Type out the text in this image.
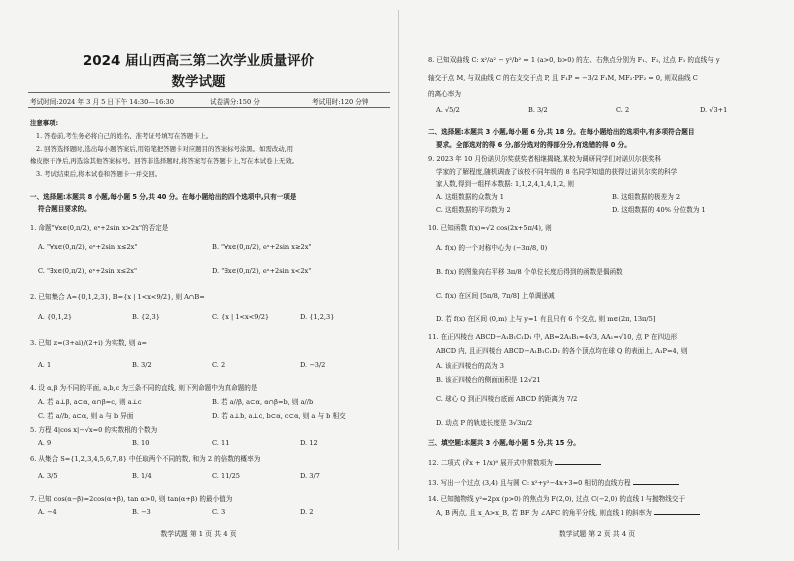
2024 届山西高三第二次学业质量评价
数学试题
考试时间:2024 年 3 月 5 日下午 14:30—16:30	试卷满分:150 分	考试用时:120 分钟
注意事项:
1. 答卷前,考生务必将自己的姓名、准考证号填写在答题卡上。
2. 回答选择题时,选出每小题答案后,用铅笔把答题卡对应题目的答案标号涂黑。如需改动,用
橡皮擦干净后,再选涂其他答案标号。回答非选择题时,将答案写在答题卡上,写在本试卷上无效。
3. 考试结束后,将本试卷和答题卡一并交回。
一、选择题:本题共 8 小题,每小题 5 分,共 40 分。在每小题给出的四个选项中,只有一项是
符合题目要求的。
1. 命题"∀x∈(0,π/2), eˣ+2sin x>2x"的否定是
A. "∀x∈(0,π/2), eˣ+2sin x≤2x"	B. "∀x∈(0,π/2), eˣ+2sin x≥2x"
C. "∃x∈(0,π/2), eˣ+2sin x≤2x"	D. "∃x∈(0,π/2), eˣ+2sin x<2x"
2. 已知集合 A={0,1,2,3}, B={x | 1<x<9/2}, 则 A∩B=
A. {0,1,2}	B. {2,3}	C. {x | 1<x<9/2}	D. {1,2,3}
3. 已知 z=(3+ai)/(2+i) 为实数, 则 a=
A. 1	B. 3/2	C. 2	D. −3/2
4. 设 α,β 为不同的平面, a,b,c 为三条不同的直线, 则下列命题中为真命题的是
A. 若 a⊥β, a⊂α, α∩β=c, 则 a⊥c	B. 若 a//β, a⊂α, α∩β=b, 则 a//b
C. 若 a//b, a⊂α, 则 a 与 b 异面	D. 若 a⊥b, a⊥c, b⊂α, c⊂α, 则 a 与 b 相交
5. 方程 4|cos x|−√x=0 的实数根的个数为
A. 9	B. 10	C. 11	D. 12
6. 从集合 S={1,2,3,4,5,6,7,8} 中任取两个不同的数, 和为 2 的倍数的概率为
A. 3/5	B. 1/4	C. 11/25	D. 3/7
7. 已知 cos(α−β)=2cos(α+β), tan α>0, 则 tan(α+β) 的最小值为
A. −4	B. −3	C. 3	D. 2
数学试题 第 1 页 共 4 页
8. 已知双曲线 C: x²/a² − y²/b² = 1 (a>0, b>0) 的左、右焦点分别为 F₁、F₂, 过点 F₁ 的直线与 y
轴交于点 M, 与双曲线 C 的右支交于点 P, 且 F₁P = −3/2 F₁M, MF₂·PF₂ = 0, 则双曲线 C
的离心率为
A. √5/2	B. 3/2	C. 2	D. √3+1
二、选择题:本题共 3 小题,每小题 6 分,共 18 分。在每小题给出的选项中,有多项符合题目
要求。全部选对的得 6 分,部分选对的得部分分,有选错的得 0 分。
9. 2023 年 10 月份诺贝尔奖获奖者相继揭晓,某校为调研同学们对诺贝尔获奖科
学家的了解程度,随机调查了该校不同年级的 8 名同学知道的获得过诺贝尔奖的科学
家人数,得到一组样本数据: 1,1,2,4,1,4,1,2, 则
A. 这组数据的众数为 1	B. 这组数据的极差为 2
C. 这组数据的平均数为 2	D. 这组数据的 40% 分位数为 1
10. 已知函数 f(x)=√2 cos(2x+5π/4), 则
A. f(x) 的一个对称中心为 (−3π/8, 0)
B. f(x) 的图象向右平移 3π/8 个单位长度后得到的函数是偶函数
C. f(x) 在区间 [5π/8, 7π/8] 上单调递减
D. 若 f(x) 在区间 (0,m) 上与 y=1 有且只有 6 个交点, 则 m∈(2π, 13π/5]
11. 在正四棱台 ABCD−A₁B₁C₁D₁ 中, AB=2A₁B₁=4√3, AA₁=√10, 点 P 在四边形
ABCD 内, 且正四棱台 ABCD−A₁B₁C₁D₁ 的各个顶点均在球 Q 的表面上, A₁P=4, 则
A. 该正四棱台的高为 3
B. 该正四棱台的侧面面积是 12√21
C. 球心 Q 到正四棱台底面 ABCD 的距离为 7/2
D. 动点 P 的轨迹长度是 3√3π/2
三、填空题:本题共 3 小题,每小题 5 分,共 15 分。
12. 二项式 (∛x + 1/x)⁸ 展开式中常数项为
13. 写出一个过点 (3,4) 且与圆 C: x²+y²−4x+3=0 相切的直线方程
14. 已知抛物线 y²=2px (p>0) 的焦点为 F(2,0), 过点 C(−2,0) 的直线 l 与抛物线交于
A, B 两点, 且 x_A>x_B, 若 BF 为 ∠AFC 的角平分线, 则直线 l 的斜率为
数学试题 第 2 页 共 4 页
